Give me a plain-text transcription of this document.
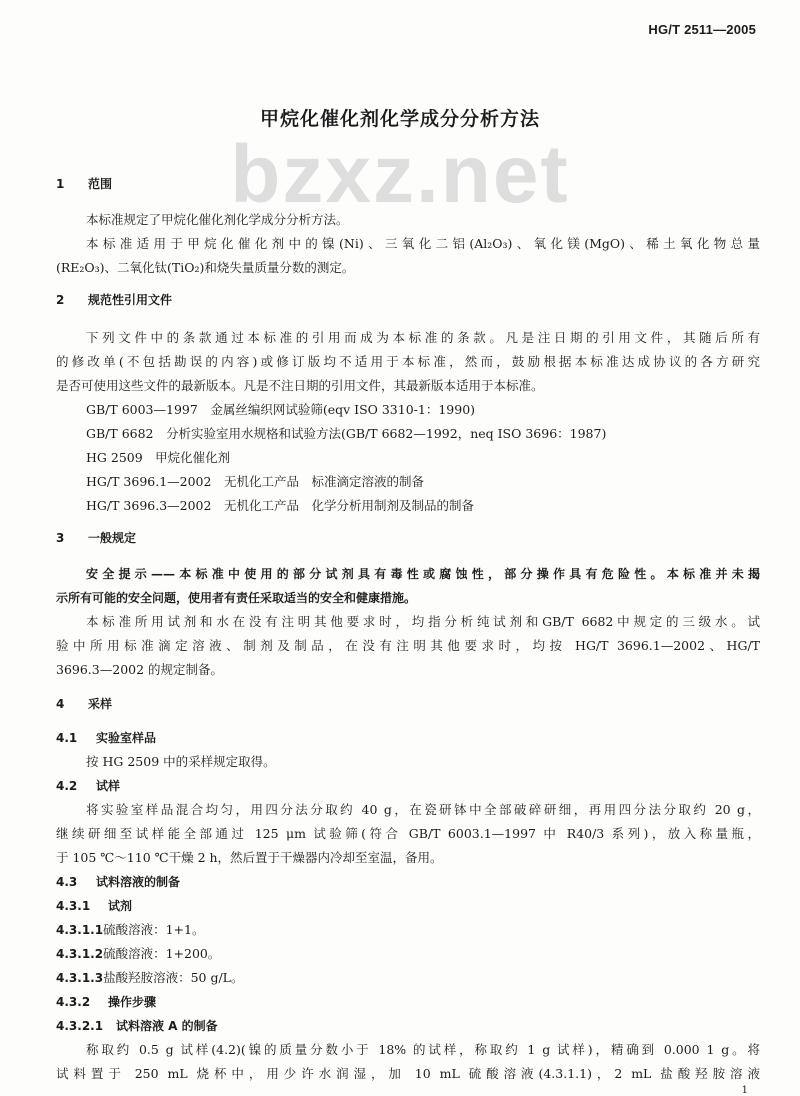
HG/T 2511—2005
甲烷化催化剂化学成分分析方法
bzxz.net
1 范围
本标准规定了甲烷化催化剂化学成分分析方法。
本标准适用于甲烷化催化剂中的镍(Ni)、三氧化二铝(Al₂O₃)、氧化镁(MgO)、稀土氧化物总量
(RE₂O₃)、二氧化钛(TiO₂)和烧失量质量分数的测定。
2 规范性引用文件
下列文件中的条款通过本标准的引用而成为本标准的条款。凡是注日期的引用文件，其随后所有
的修改单(不包括勘误的内容)或修订版均不适用于本标准，然而，鼓励根据本标准达成协议的各方研究
是否可使用这些文件的最新版本。凡是不注日期的引用文件，其最新版本适用于本标准。
GB/T 6003—1997　金属丝编织网试验筛(eqv ISO 3310-1：1990)
GB/T 6682　分析实验室用水规格和试验方法(GB/T 6682—1992，neq ISO 3696：1987)
HG 2509　甲烷化催化剂
HG/T 3696.1—2002　无机化工产品　标准滴定溶液的制备
HG/T 3696.3—2002　无机化工产品　化学分析用制剂及制品的制备
3 一般规定
安全提示——本标准中使用的部分试剂具有毒性或腐蚀性，部分操作具有危险性。本标准并未揭
示所有可能的安全问题，使用者有责任采取适当的安全和健康措施。
本标准所用试剂和水在没有注明其他要求时，均指分析纯试剂和GB/T 6682中规定的三级水。试
验中所用标准滴定溶液、制剂及制品，在没有注明其他要求时，均按 HG/T 3696.1—2002、HG/T
3696.3—2002 的规定制备。
4 采样
4.1 实验室样品
按 HG 2509 中的采样规定取得。
4.2 试样
将实验室样品混合均匀，用四分法分取约 40 g，在瓷研钵中全部破碎研细，再用四分法分取约 20 g，
继续研细至试样能全部通过 125 μm 试验筛(符合 GB/T 6003.1—1997 中 R40/3 系列)，放入称量瓶，
于 105 ℃～110 ℃干燥 2 h，然后置于干燥器内冷却至室温，备用。
4.3 试料溶液的制备
4.3.1 试剂
4.3.1.1硫酸溶液：1+1。
4.3.1.2硫酸溶液：1+200。
4.3.1.3盐酸羟胺溶液：50 g/L。
4.3.2 操作步骤
4.3.2.1 试料溶液 A 的制备
称取约 0.5 g 试样(4.2)(镍的质量分数小于 18% 的试样，称取约 1 g 试样)，精确到 0.000 1 g。将
试料置于 250 mL 烧杯中，用少许水润湿，加 10 mL 硫酸溶液(4.3.1.1)，2 mL 盐酸羟胺溶液
1
